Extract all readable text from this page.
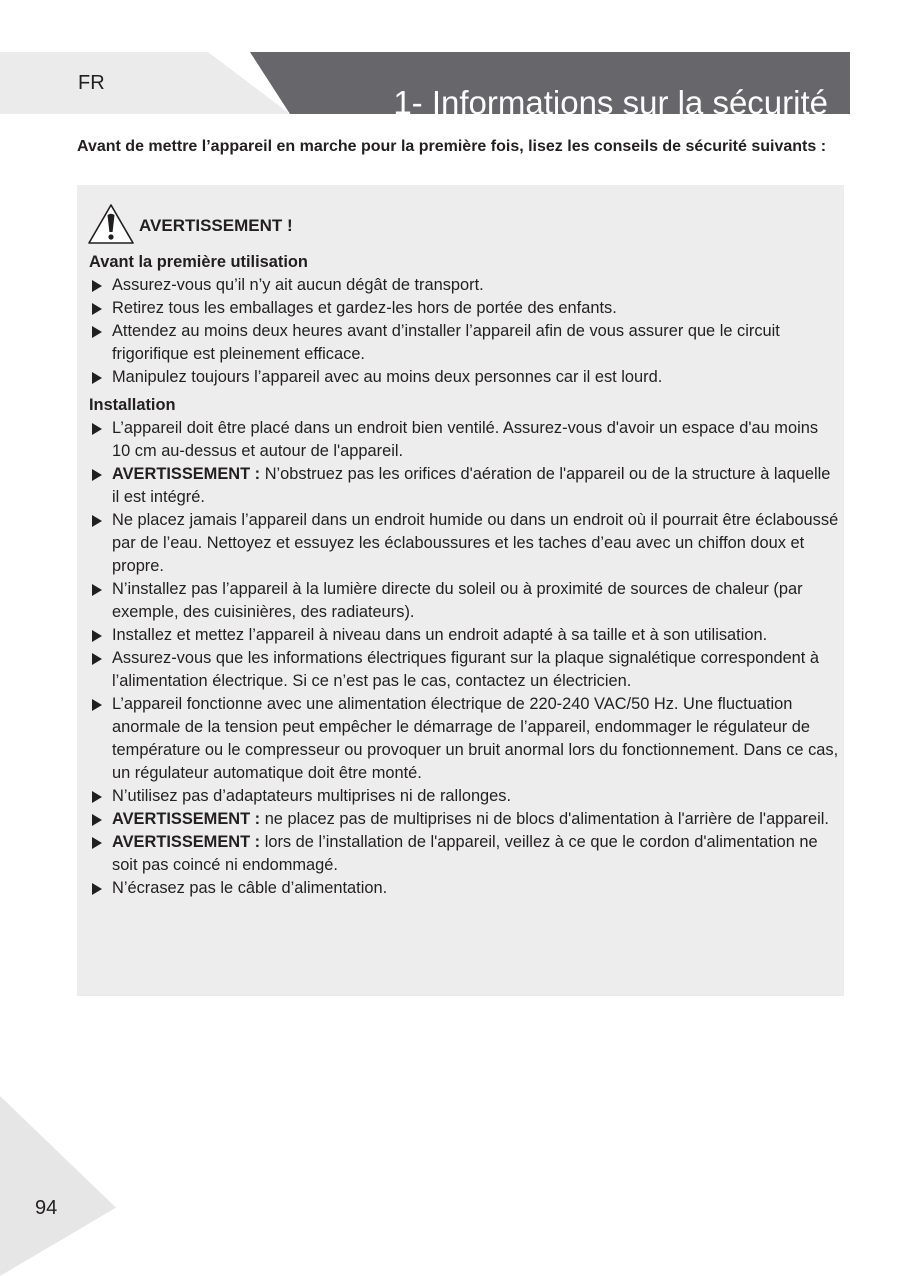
FR
1- Informations sur la sécurité

Avant de mettre l’appareil en marche pour la première fois, lisez les conseils de sécurité suivants :

AVERTISSEMENT !

Avant la première utilisation

Assurez-vous qu’il n’y ait aucun dégât de transport.
Retirez tous les emballages et gardez-les hors de portée des enfants.
Attendez au moins deux heures avant d’installer l’appareil afin de vous assurer que le circuit frigorifique est pleinement efficace.
Manipulez toujours l’appareil avec au moins deux personnes car il est lourd.

Installation

L’appareil doit être placé dans un endroit bien ventilé. Assurez-vous d'avoir un espace d'au moins 10 cm au-dessus et autour de l'appareil.
AVERTISSEMENT : N’obstruez pas les orifices d'aération de l'appareil ou de la structure à laquelle il est intégré.
Ne placez jamais l’appareil dans un endroit humide ou dans un endroit où il pourrait être éclaboussé par de l’eau. Nettoyez et essuyez les éclaboussures et les taches d’eau avec un chiffon doux et propre.
N’installez pas l’appareil à la lumière directe du soleil ou à proximité de sources de chaleur (par exemple, des cuisinières, des radiateurs).
Installez et mettez l’appareil à niveau dans un endroit adapté à sa taille et à son utilisation.
Assurez-vous que les informations électriques figurant sur la plaque signalétique correspondent à l’alimentation électrique. Si ce n’est pas le cas, contactez un électricien.
L’appareil fonctionne avec une alimentation électrique de 220-240 VAC/50 Hz. Une fluctuation anormale de la tension peut empêcher le démarrage de l’appareil, endommager le régulateur de température ou le compresseur ou provoquer un bruit anormal lors du fonctionnement. Dans ce cas, un régulateur automatique doit être monté.
N’utilisez pas d’adaptateurs multiprises ni de rallonges.
AVERTISSEMENT : ne placez pas de multiprises ni de blocs d'alimentation à l'arrière de l'appareil.
AVERTISSEMENT : lors de l’installation de l'appareil, veillez à ce que le cordon d'alimentation ne soit pas coincé ni endommagé.
N’écrasez pas le câble d’alimentation.
94
